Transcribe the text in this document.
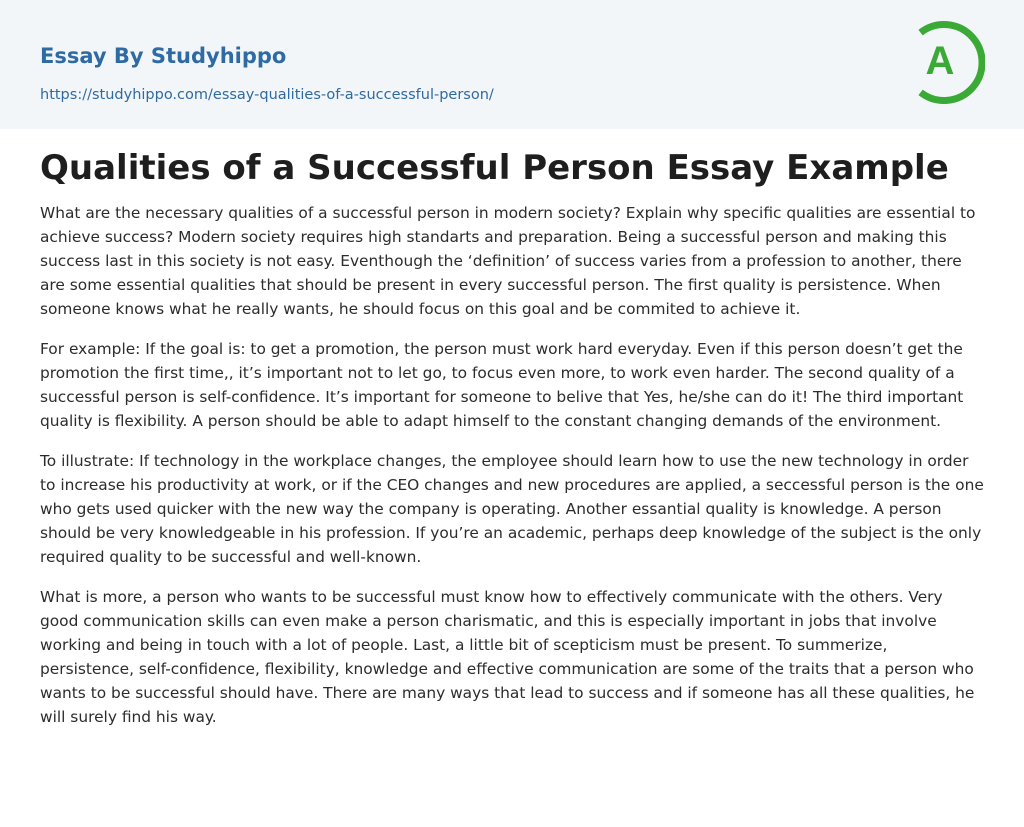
Essay By Studyhippo
https://studyhippo.com/essay-qualities-of-a-successful-person/
A
Qualities of a Successful Person Essay Example

What are the necessary qualities of a successful person in modern society? Explain why specific qualities are essential to achieve success? Modern society requires high standarts and preparation. Being a successful person and making this success last in this society is not easy. Eventhough the ‘definition’ of success varies from a profession to another, there are some essential qualities that should be present in every successful person. The first quality is persistence. When someone knows what he really wants, he should focus on this goal and be commited to achieve it.

For example: If the goal is: to get a promotion, the person must work hard everyday. Even if this person doesn’t get the promotion the first time,, it’s important not to let go, to focus even more, to work even harder. The second quality of a successful person is self-confidence. It’s important for someone to belive that Yes, he/she can do it! The third important quality is flexibility. A person should be able to adapt himself to the constant changing demands of the environment.

To illustrate: If technology in the workplace changes, the employee should learn how to use the new technology in order to increase his productivity at work, or if the CEO changes and new procedures are applied, a seccessful person is the one who gets used quicker with the new way the company is operating. Another essantial quality is knowledge. A person should be very knowledgeable in his profession. If you’re an academic, perhaps deep knowledge of the subject is the only required quality to be successful and well-known.

What is more, a person who wants to be successful must know how to effectively communicate with the others. Very good communication skills can even make a person charismatic, and this is especially important in jobs that involve working and being in touch with a lot of people. Last, a little bit of scepticism must be present. To summerize, persistence, self-confidence, flexibility, knowledge and effective communication are some of the traits that a person who wants to be successful should have. There are many ways that lead to success and if someone has all these qualities, he will surely find his way.
